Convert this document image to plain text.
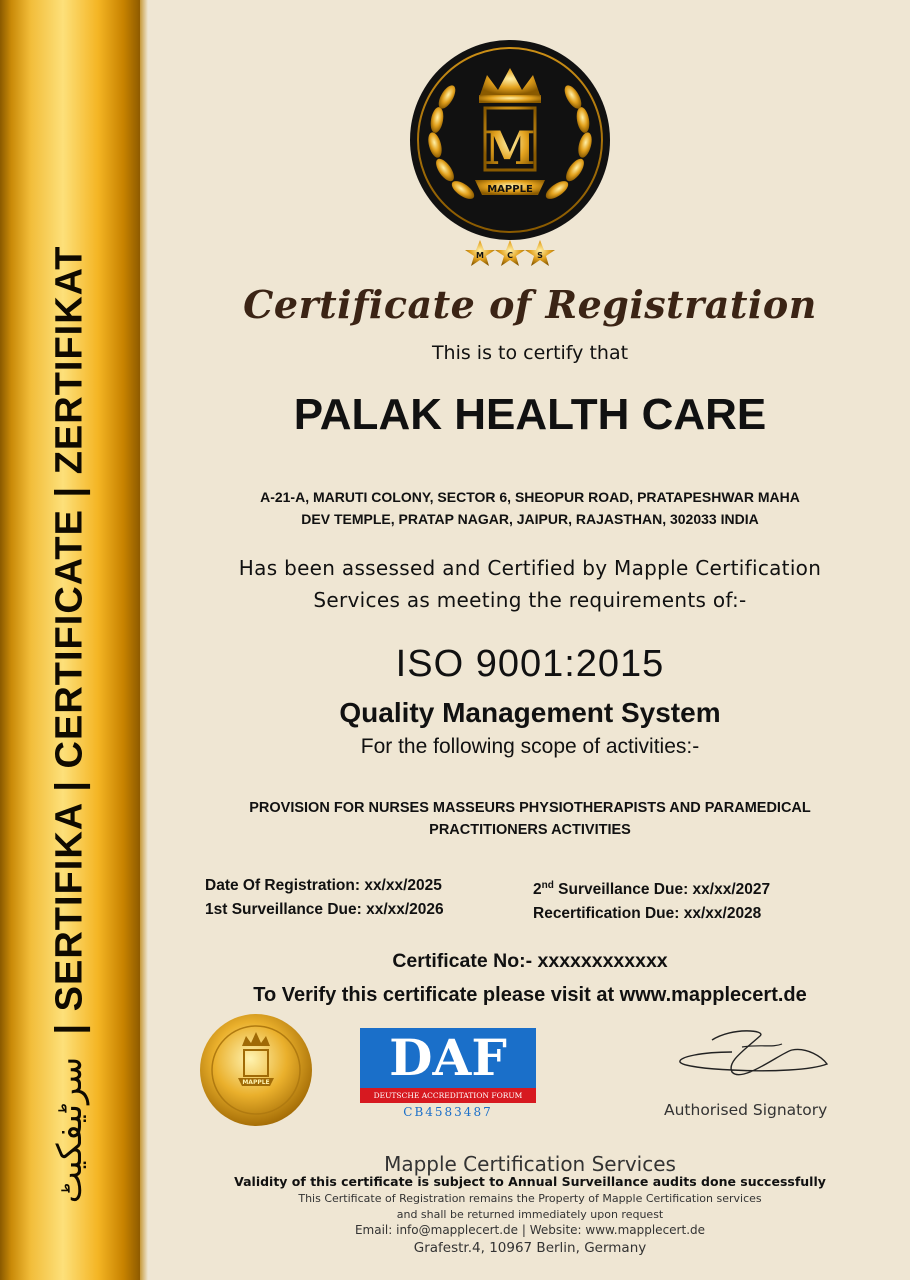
| SERTIFIKA | CERTIFICATE | ZERTIFIKAT
سرٹیفکیٹ
M
MAPPLE
M	C	S
Certificate of Registration
This is to certify that
PALAK HEALTH CARE
A-21-A, MARUTI COLONY, SECTOR 6, SHEOPUR ROAD, PRATAPESHWAR MAHA
DEV TEMPLE, PRATAP NAGAR, JAIPUR, RAJASTHAN, 302033 INDIA
Has been assessed and Certified by Mapple Certification
Services as meeting the requirements of:-
ISO 9001:2015
Quality Management System
For the following scope of activities:-
PROVISION FOR NURSES MASSEURS PHYSIOTHERAPISTS AND PARAMEDICAL
PRACTITIONERS ACTIVITIES
Date Of Registration: xx/xx/2025
1st Surveillance Due: xx/xx/2026
2nd Surveillance Due: xx/xx/2027
Recertification Due: xx/xx/2028
Certificate No:- xxxxxxxxxxxx
To Verify this certificate please visit at www.mapplecert.de
MAPPLE	DAF
DEUTSCHE ACCREDITATION FORUM
CB4583487	Authorised Signatory
Mapple Certification Services
Validity of this certificate is subject to Annual Surveillance audits done successfully
This Certificate of Registration remains the Property of Mapple Certification services
and shall be returned immediately upon request
Email: info@mapplecert.de | Website: www.mapplecert.de
Grafestr.4, 10967 Berlin, Germany
